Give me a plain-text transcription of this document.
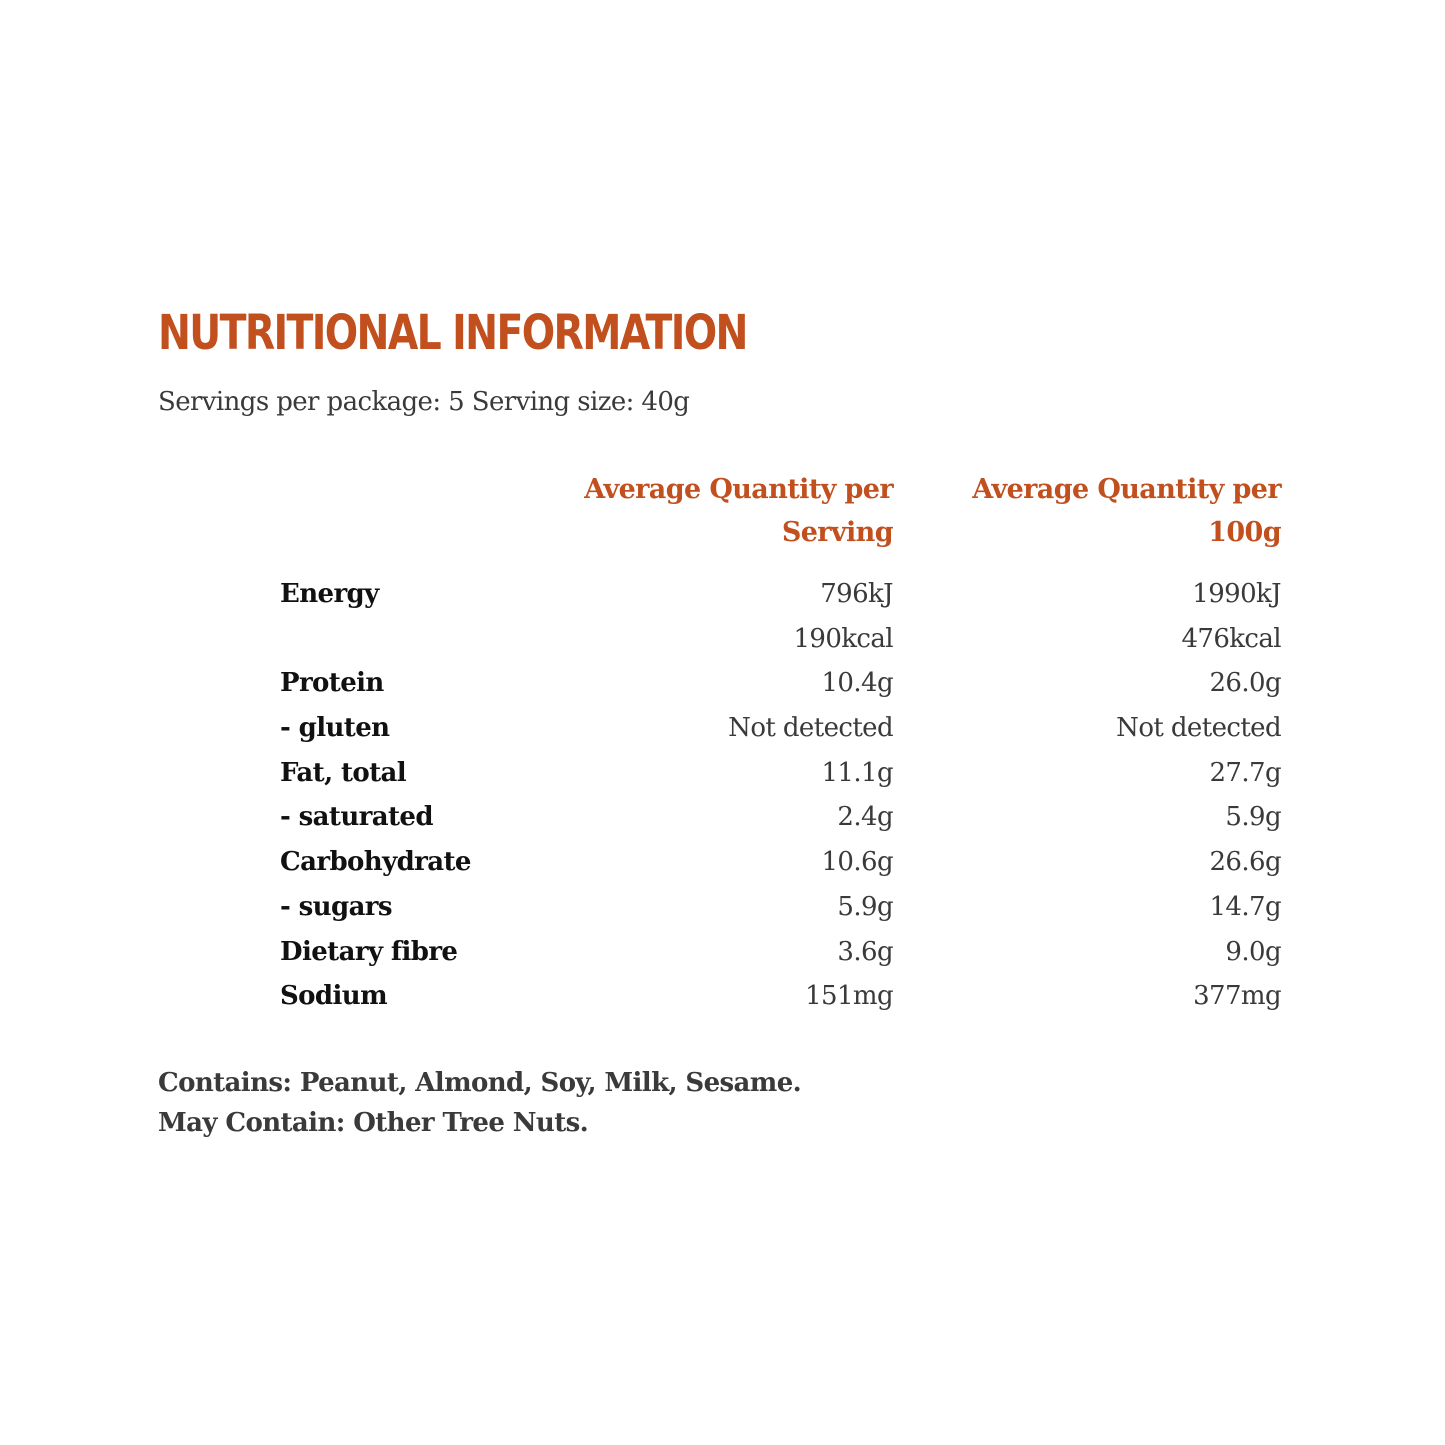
NUTRITIONAL INFORMATION
Servings per package: 5 Serving size: 40g
Average Quantity per
Serving
Average Quantity per
100g
Energy	796kJ	1990kJ
190kcal	476kcal
Protein	10.4g	26.0g
- gluten	Not detected	Not detected
Fat, total	11.1g	27.7g
- saturated	2.4g	5.9g
Carbohydrate	10.6g	26.6g
- sugars	5.9g	14.7g
Dietary fibre	3.6g	9.0g
Sodium	151mg	377mg
Contains: Peanut, Almond, Soy, Milk, Sesame.
May Contain: Other Tree Nuts.
